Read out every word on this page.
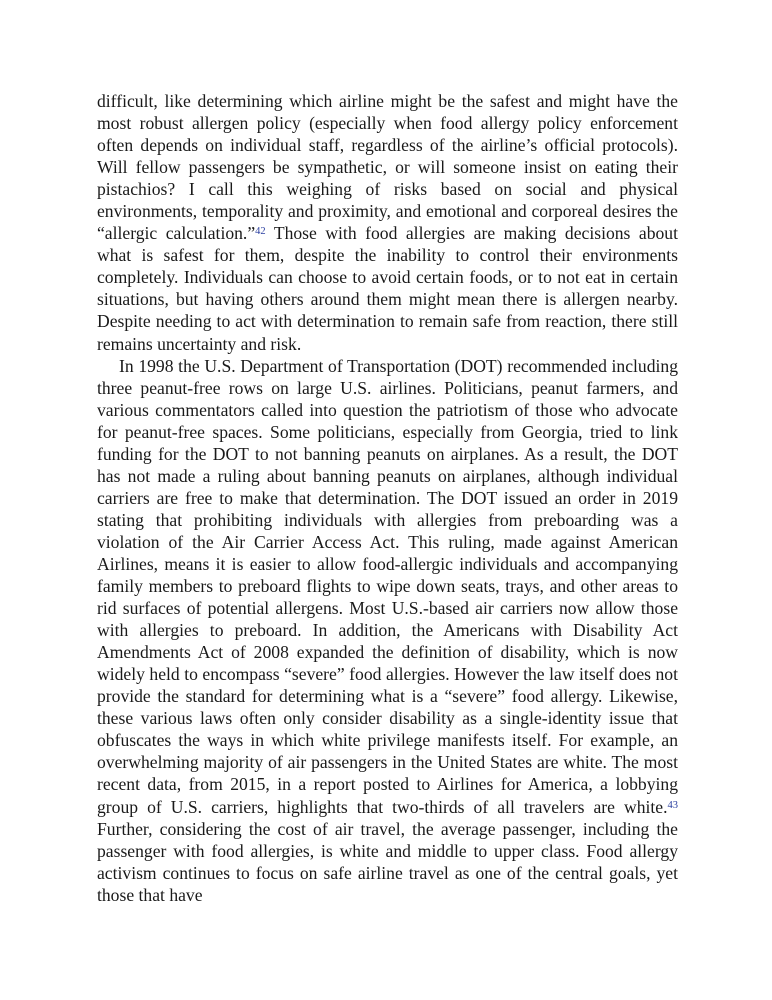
difficult, like determining which airline might be the safest and might have the most robust allergen policy (especially when food allergy policy enforcement often depends on individual staff, regardless of the airline’s official protocols). Will fellow passengers be sympathetic, or will someone insist on eating their pistachios? I call this weighing of risks based on social and physical environments, temporality and proximity, and emotional and corporeal desires the “allergic calculation.”$^{42}$ Those with food allergies are making decisions about what is safest for them, despite the inability to control their environments completely. Individuals can choose to avoid certain foods, or to not eat in certain situations, but having others around them might mean there is allergen nearby. Despite needing to act with determination to remain safe from reaction, there still remains uncertainty and risk.

In 1998 the U.S. Department of Transportation (DOT) recommended including three peanut-free rows on large U.S. airlines. Politicians, peanut farmers, and various commentators called into question the patriotism of those who advocate for peanut-free spaces. Some politicians, especially from Georgia, tried to link funding for the DOT to not banning peanuts on airplanes. As a result, the DOT has not made a ruling about banning peanuts on airplanes, although individual carriers are free to make that determination. The DOT issued an order in 2019 stating that prohibiting individuals with allergies from preboarding was a violation of the Air Carrier Access Act. This ruling, made against American Airlines, means it is easier to allow food-allergic individuals and accompanying family members to preboard flights to wipe down seats, trays, and other areas to rid surfaces of potential allergens. Most U.S.-based air carriers now allow those with allergies to preboard. In addition, the Americans with Disability Act Amendments Act of 2008 expanded the definition of disability, which is now widely held to encompass “severe” food allergies. However the law itself does not provide the standard for determining what is a “severe” food allergy. Likewise, these various laws often only consider disability as a single-identity issue that obfuscates the ways in which white privilege manifests itself. For example, an overwhelming majority of air passengers in the United States are white. The most recent data, from 2015, in a report posted to Airlines for America, a lobbying group of U.S. carriers, highlights that two-thirds of all travelers are white.$^{43}$ Further, considering the cost of air travel, the average passenger, including the passenger with food allergies, is white and middle to upper class. Food allergy activism continues to focus on safe airline travel as one of the central goals, yet those that have
